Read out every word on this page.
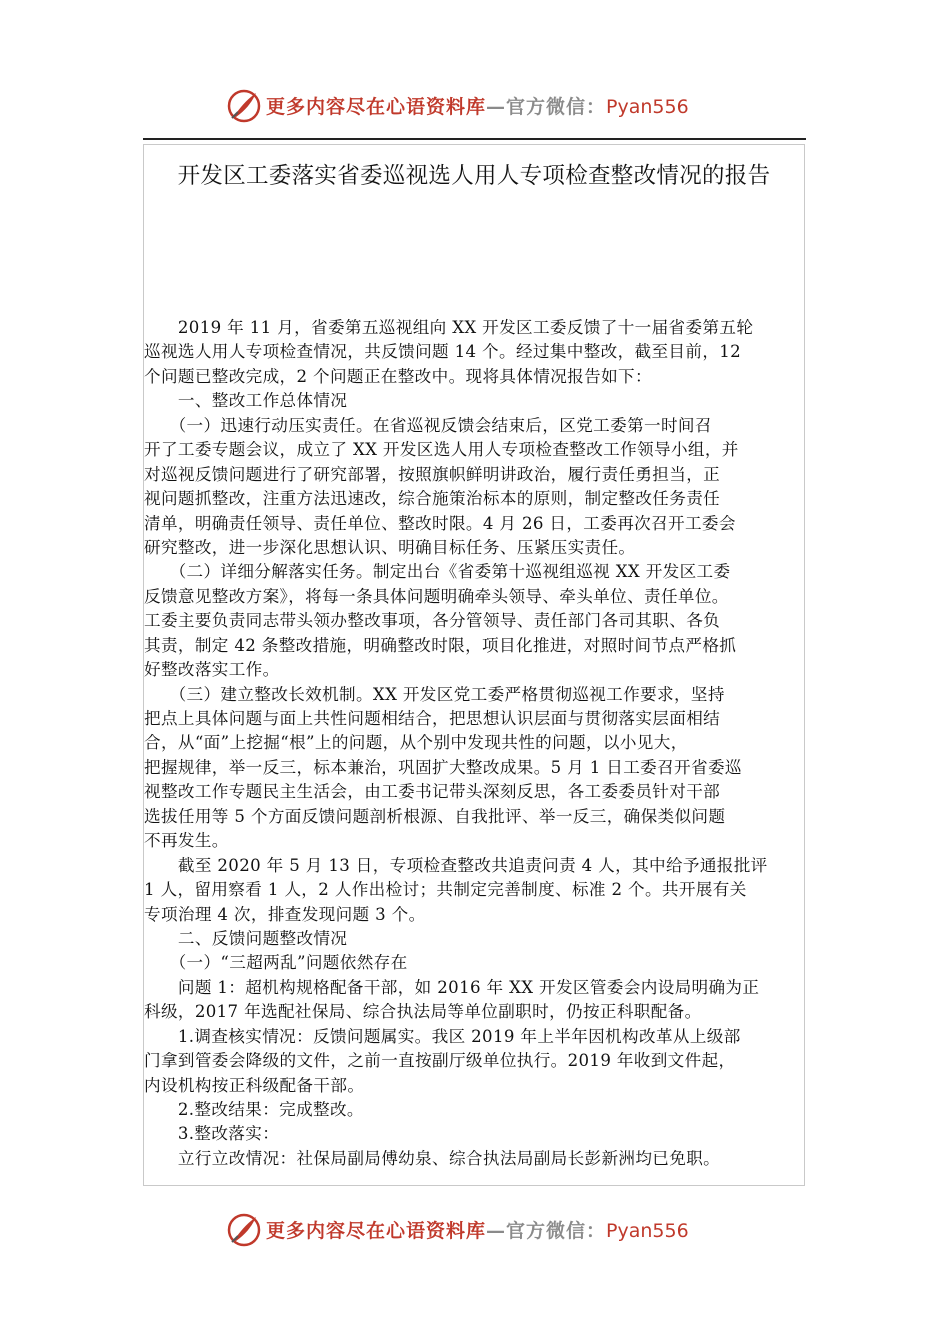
更多内容尽在心语资料库—官方微信：Pyan556
开发区工委落实省委巡视选人用人专项检查整改情况的报告
　　2019 年 11 月，省委第五巡视组向 XX 开发区工委反馈了十一届省委第五轮
巡视选人用人专项检查情况，共反馈问题 14 个。经过集中整改，截至目前，12
个问题已整改完成，2 个问题正在整改中。现将具体情况报告如下：
　　一、整改工作总体情况
　　（一）迅速行动压实责任。在省巡视反馈会结束后，区党工委第一时间召
开了工委专题会议，成立了 XX 开发区选人用人专项检查整改工作领导小组，并
对巡视反馈问题进行了研究部署，按照旗帜鲜明讲政治，履行责任勇担当，正
视问题抓整改，注重方法迅速改，综合施策治标本的原则，制定整改任务责任
清单，明确责任领导、责任单位、整改时限。4 月 26 日，工委再次召开工委会
研究整改，进一步深化思想认识、明确目标任务、压紧压实责任。
　　（二）详细分解落实任务。制定出台《省委第十巡视组巡视 XX 开发区工委
反馈意见整改方案》，将每一条具体问题明确牵头领导、牵头单位、责任单位。
工委主要负责同志带头领办整改事项，各分管领导、责任部门各司其职、各负
其责，制定 42 条整改措施，明确整改时限，项目化推进，对照时间节点严格抓
好整改落实工作。
　　（三）建立整改长效机制。XX 开发区党工委严格贯彻巡视工作要求，坚持
把点上具体问题与面上共性问题相结合，把思想认识层面与贯彻落实层面相结
合，从“面”上挖掘“根”上的问题，从个别中发现共性的问题，以小见大，
把握规律，举一反三，标本兼治，巩固扩大整改成果。5 月 1 日工委召开省委巡
视整改工作专题民主生活会，由工委书记带头深刻反思，各工委委员针对干部
选拔任用等 5 个方面反馈问题剖析根源、自我批评、举一反三，确保类似问题
不再发生。
　　截至 2020 年 5 月 13 日，专项检查整改共追责问责 4 人，其中给予通报批评
1 人，留用察看 1 人，2 人作出检讨；共制定完善制度、标准 2 个。共开展有关
专项治理 4 次，排查发现问题 3 个。
　　二、反馈问题整改情况
　　（一）“三超两乱”问题依然存在
　　问题 1：超机构规格配备干部，如 2016 年 XX 开发区管委会内设局明确为正
科级，2017 年选配社保局、综合执法局等单位副职时，仍按正科职配备。
　　1.调查核实情况：反馈问题属实。我区 2019 年上半年因机构改革从上级部
门拿到管委会降级的文件，之前一直按副厅级单位执行。2019 年收到文件起，
内设机构按正科级配备干部。
　　2.整改结果：完成整改。
　　3.整改落实：
　　立行立改情况：社保局副局傅幼泉、综合执法局副局长彭新洲均已免职。
更多内容尽在心语资料库—官方微信：Pyan556
